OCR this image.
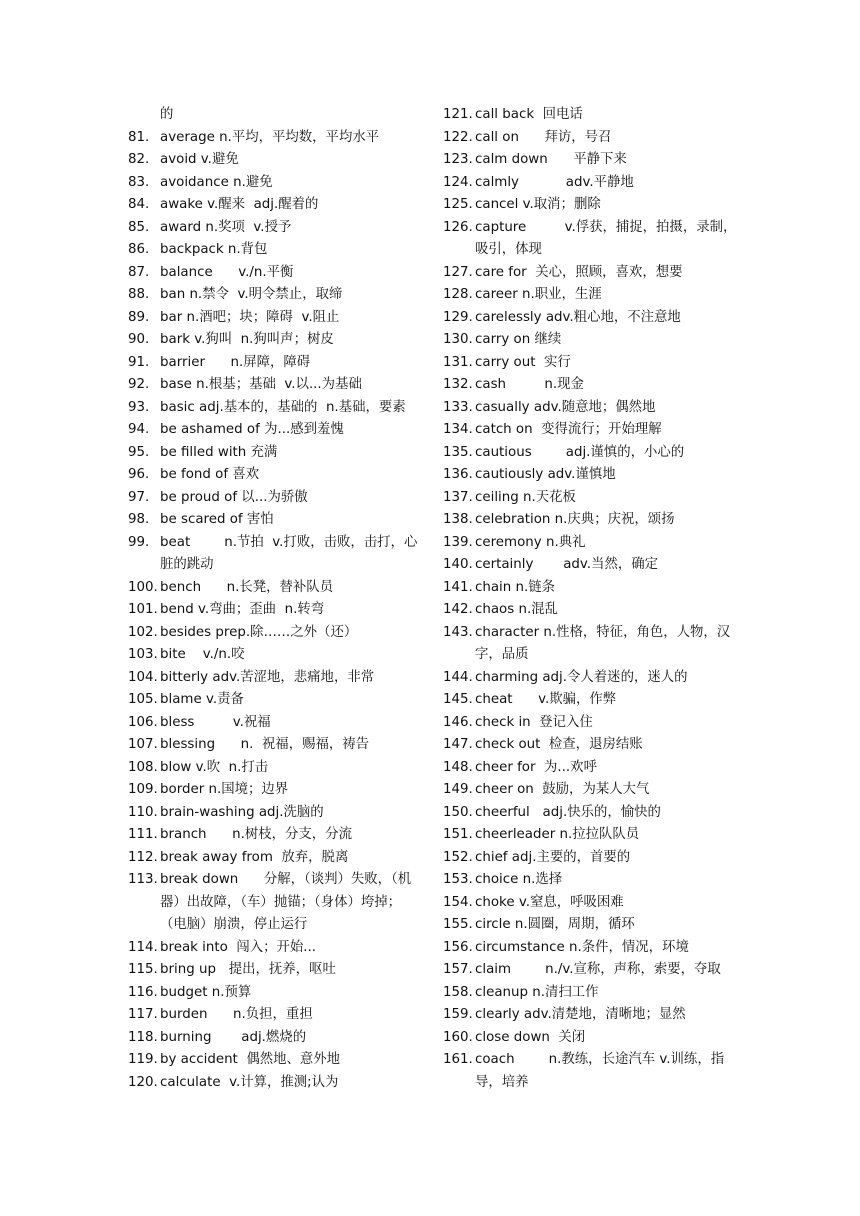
的
81. average n.平均，平均数，平均水平
82. avoid v.避免
83. avoidance n.避免
84. awake v.醒来  adj.醒着的
85. award n.奖项  v.授予
86. backpack n.背包
87. balance      v./n.平衡
88. ban n.禁令  v.明令禁止，取缔
89. bar n.酒吧；块；障碍  v.阻止
90. bark v.狗叫  n.狗叫声；树皮
91. barrier      n.屏障，障碍
92. base n.根基；基础  v.以...为基础
93. basic adj.基本的，基础的  n.基础，要素
94. be ashamed of 为...感到羞愧
95. be filled with 充满
96. be fond of 喜欢
97. be proud of 以...为骄傲
98. be scared of 害怕
99. beat        n.节拍  v.打败，击败，击打，心脏的跳动
100. bench      n.长凳，替补队员
101. bend v.弯曲；歪曲  n.转弯
102. besides prep.除……之外（还）
103. bite    v./n.咬
104. bitterly adv.苦涩地，悲痛地，非常
105. blame v.责备
106. bless         v.祝福
107. blessing      n.  祝福，赐福，祷告
108. blow v.吹  n.打击
109. border n.国境；边界
110. brain-washing adj.洗脑的
111. branch      n.树枝，分支，分流
112. break away from  放弃，脱离
113. break down      分解，（谈判）失败，（机器）出故障，（车）抛锚；（身体）垮掉；（电脑）崩溃，停止运行
114. break into  闯入；开始...
115. bring up   提出，抚养，呕吐
116. budget n.预算
117. burden      n.负担，重担
118. burning       adj.燃烧的
119. by accident  偶然地、意外地
120. calculate  v.计算，推测;认为
121. call back  回电话
122. call on      拜访，号召
123. calm down      平静下来
124. calmly           adv.平静地
125. cancel v.取消；删除
126. capture         v.俘获，捕捉，拍摄，录制，吸引，体现
127. care for  关心，照顾，喜欢，想要
128. career n.职业，生涯
129. carelessly adv.粗心地，不注意地
130. carry on 继续
131. carry out  实行
132. cash         n.现金
133. casually adv.随意地；偶然地
134. catch on  变得流行；开始理解
135. cautious        adj.谨慎的，小心的
136. cautiously adv.谨慎地
137. ceiling n.天花板
138. celebration n.庆典；庆祝，颂扬
139. ceremony n.典礼
140. certainly       adv.当然，确定
141. chain n.链条
142. chaos n.混乱
143. character n.性格，特征，角色，人物，汉字，品质
144. charming adj.令人着迷的，迷人的
145. cheat      v.欺骗，作弊
146. check in  登记入住
147. check out  检查，退房结账
148. cheer for  为...欢呼
149. cheer on  鼓励，为某人大气
150. cheerful   adj.快乐的，愉快的
151. cheerleader n.拉拉队队员
152. chief adj.主要的，首要的
153. choice n.选择
154. choke v.窒息，呼吸困难
155. circle n.圆圈，周期，循环
156. circumstance n.条件，情况，环境
157. claim        n./v.宣称，声称，索要，夺取
158. cleanup n.清扫工作
159. clearly adv.清楚地，清晰地；显然
160. close down  关闭
161. coach        n.教练，长途汽车 v.训练，指导，培养
